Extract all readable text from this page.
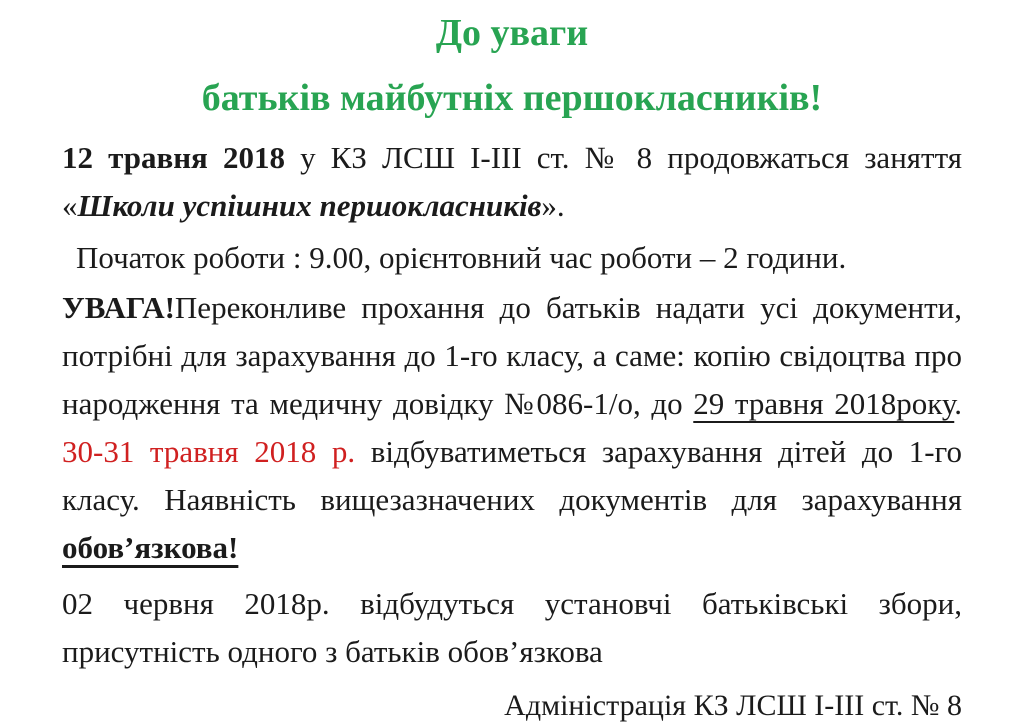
До уваги
батьків майбутніх першокласників!

12 травня 2018 у КЗ ЛСШ І-ІІІ ст. № 8 продовжаться заняття «Школи успішних першокласників».

Початок роботи : 9.00, орієнтовний час роботи – 2 години.

УВАГА!Переконливе прохання до батьків надати усі документи, потрібні для зарахування до 1-го класу, а саме: копію свідоцтва про народження та медичну довідку №086-1/о, до 29 травня 2018року. 30-31 травня 2018 р. відбуватиметься зарахування дітей до 1-го класу. Наявність вищезазначених документів для зарахування обов’язкова!

02 червня 2018р. відбудуться установчі батьківські збори, присутність одного з батьків обов’язкова

Адміністрація КЗ ЛСШ І-ІІІ ст. № 8
